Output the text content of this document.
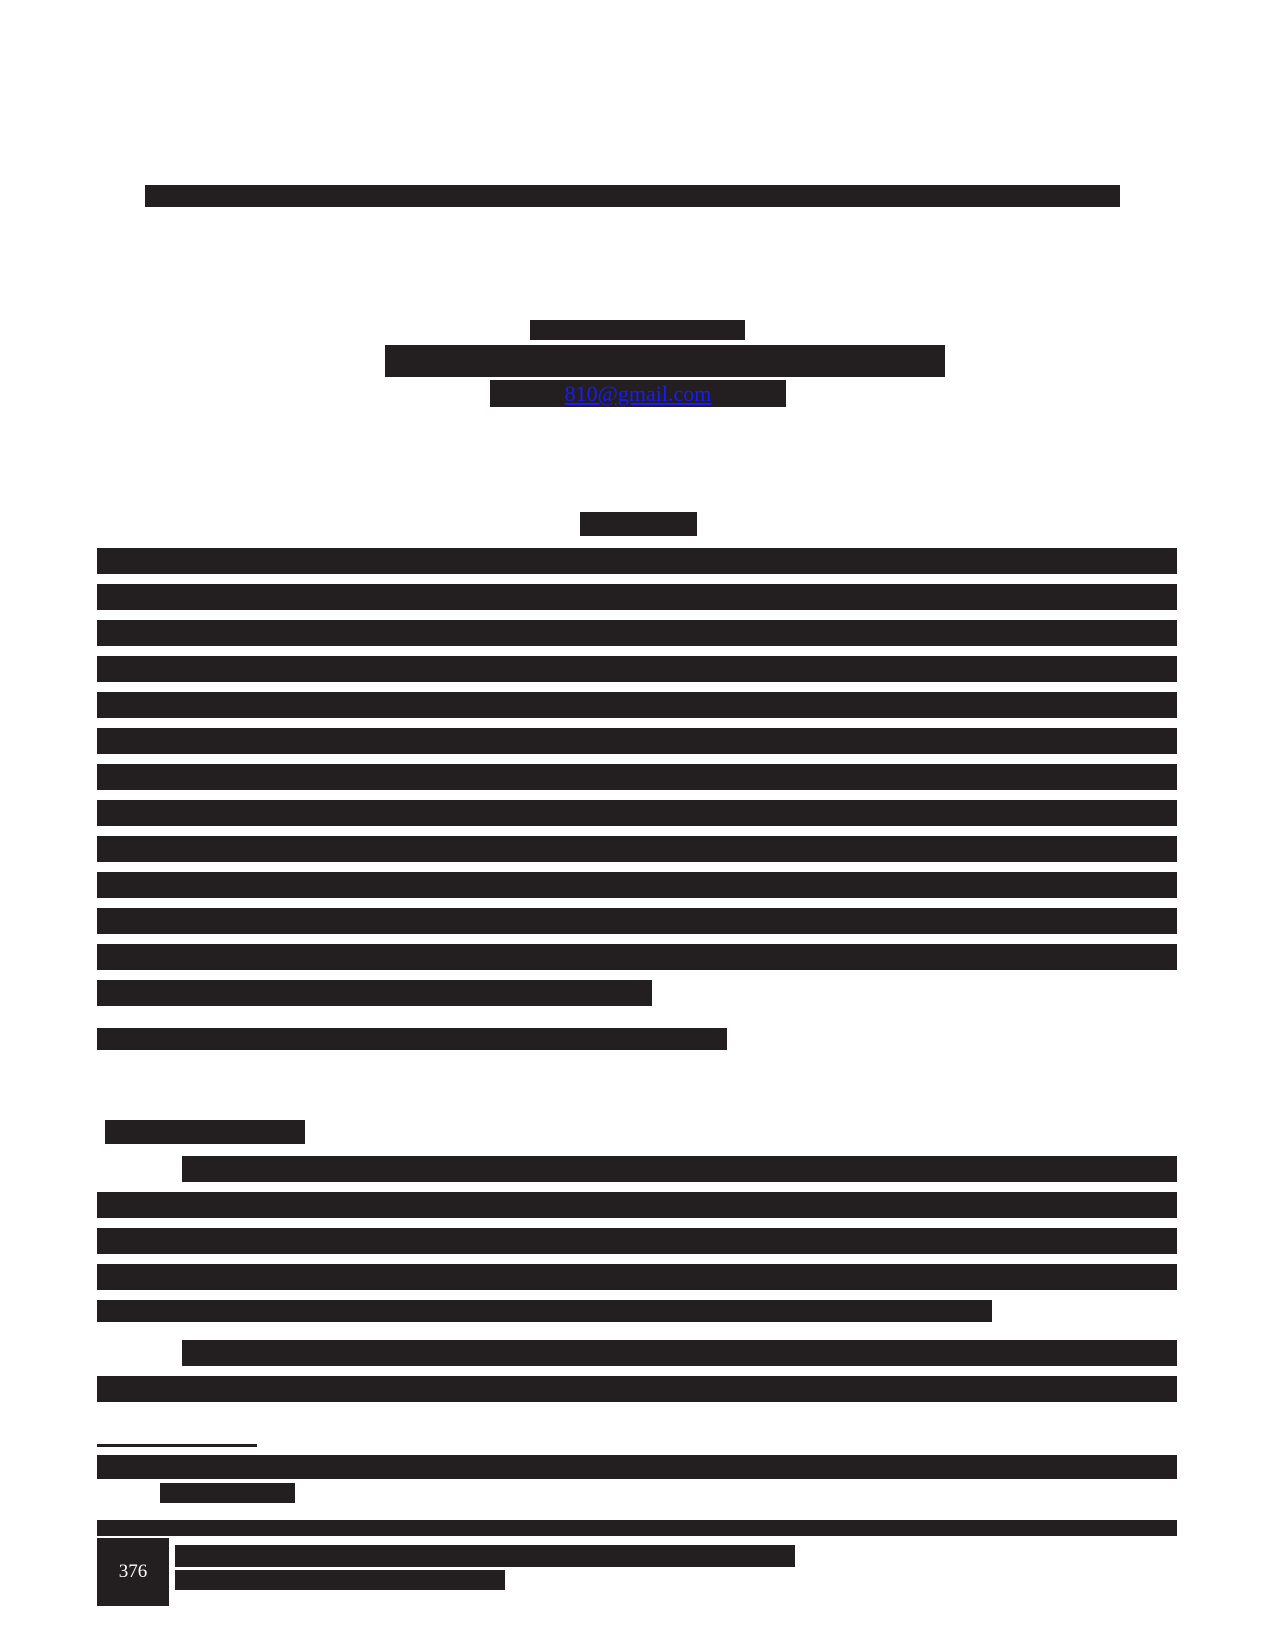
810@gmail.com
376
